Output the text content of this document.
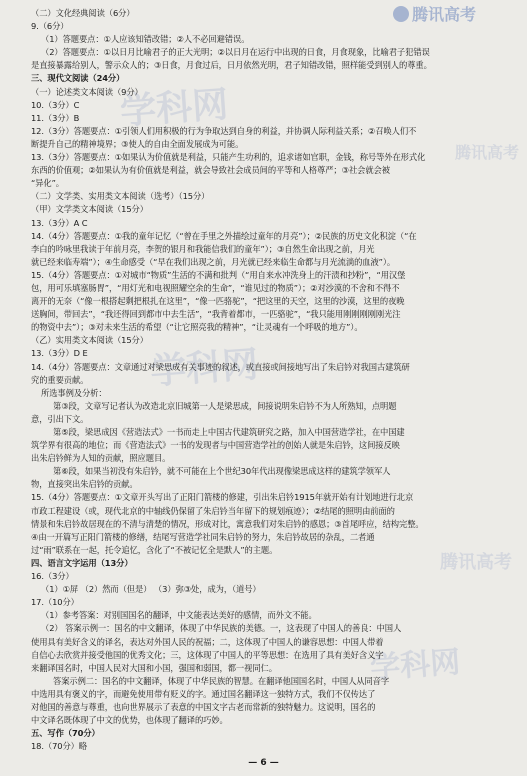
腾讯高考
学科网
学科网
学科网
腾讯高考
腾讯高考
（二）文化经典阅读（6分）
9.（6分）
（1）答题要点：①人应该知错改错；②人不必回避错误。
（2）答题要点：①以日月比喻君子的正大光明；②以日月在运行中出现的日食，月食现象，比喻君子犯错误
是直接暴露给别人，警示众人的；③日食，月食过后，日月依然光明，君子知错改错，照样能受到别人的尊重。
三、现代文阅读（24分）
（一）论述类文本阅读（9分）
10.（3分）C
11.（3分）B
12.（3分）答题要点：①引领人们用积极的行为争取达到自身的利益，并协调人际利益关系；②召唤人们不
断提升自己的精神境界；③使人的自由全面发展成为可能。
13.（3分）答题要点：①如果认为价值就是利益，只能产生功利的，追求诸如官职，金钱，称号等外在形式化
东西的价值观；②如果认为有价值就是利益，就会导致社会成员间的平等和人格尊严；③社会就会被
“异化”。
（二）文学类、实用类文本阅读（选考）（15分）
（甲）文学类文本阅读（15分）
13.（3分）A C
14.（4分）答题要点：①我的童年记忆（“曾在手里之外描绘过童年的月亮”）；②民族的历史文化积淀（“在
李白的吟咏里我读于年前月亮，李贺的银月和我能信我们的童年”）；③自然生命出现之前，月光
就已经来临寿端”）；④生命感受（“早在我们出现之前，月光就已经来临生命都与月光流淌的血液”）。
15.（4分）答题要点：①对城市“物质”生活的不满和批判（“用自来水冲洗身上的汗渍和抄粉”，“用汉堡
包，用可乐填塞肠胃”，“用灯光和电视照耀空余的生命”，“谁见过的物质”）；②对沙漠的不舍和不得不
离开的无奈（“像一根搭起剩把根扎在这里”，“像一匹骆驼”，“把这里的天空，这里的沙漠，这里的夜晚
送胸间，带回去”，“我还得回到都市中去生活”，“我背着都市，一匹骆驼”，“我只能用刚刚刚刚刚光注
的物资中去”）；③对未来生活的希望（“让它照亮我的精神”，“让灵魂有一个呼吸的地方”）。
（乙）实用类文本阅读（15分）
13.（3分）D E
14.（4分）答题要点：文章通过对梁思成有关事迹的叙述，或直接或间接地写出了朱启钤对我国古建筑研
究的重要贡献。
所选事例及分析：
第③段，文章写记者认为改造北京旧城第一人是梁思成，间接说明朱启钤不为人所熟知，点明题
意，引出下文。
第⑤段，梁思成因《营造法式》一书而走上中国古代建筑研究之路，加入中国营造学社，在中国建
筑学界有很高的地位；而《营造法式》一书的发现者与中国营造学社的创始人就是朱启钤，这间接反映
出朱启钤鲜为人知的贡献，照应题目。
第⑥段，如果当初没有朱启钤，就不可能在上个世纪30年代出现像梁思成这样的建筑学领军人
物，直接突出朱启钤的贡献。
15.（4分）答题要点：①文章开头写出了正阳门箭楼的修建，引出朱启钤1915年就开始有计划地进行北京
市政工程建设（或，现代北京的中轴线仍保留了朱启钤当年留下的规划痕迹）；②结尾的照明由前面的
情景和朱启钤故居现在的不清与清楚的情况，形成对比，寓意我们对朱启钤的感恩；③首尾呼应，结构完整。
④由一开篇写正阳门箭楼的修缮，结尾写营造学社同朱启钤的努力，朱启钤故居的杂乱，二者通
过“雨”联系在一起，托令追忆，含化了“不被记忆全是默人”的主题。
四、语言文字运用（13分）
16.（3分）
（1）①屏 （2）然而（但是） （3）弥③处，成为，（道号）
17.（10分）
（1）参考答案：对别国国名的翻译，中文能表达美好的感情，而外文不能。
（2） 答案示例一：国名的中文翻译，体现了中华民族的美德。一，这表现了中国人的善良：中国人
使用具有美好含义的译名，表达对外国人民的祝福；二，这体现了中国人的谦容思想：中国人带着
自信心去欣赏并接受他国的优秀文化；三，这体现了中国人的平等思想：在选用了具有美好含义字
来翻译国名时，中国人民对大国和小国，强国和弱国，都一视同仁。
答案示例二：国名的中文翻译，体现了中华民族的智慧。在翻译他国国名时，中国人从同音字
中选用具有褒义的字，而避免使用带有贬义的字。通过国名翻译这一独特方式，我们不仅传达了
对他国的善意与尊重，也向世界展示了表意的中国文字古老而常新的独特魅力。这说明，国名的
中文译名既体现了中文的优势，也体现了翻译的巧妙。
五、写作（70分）
18.（70分）略
— 6 —
